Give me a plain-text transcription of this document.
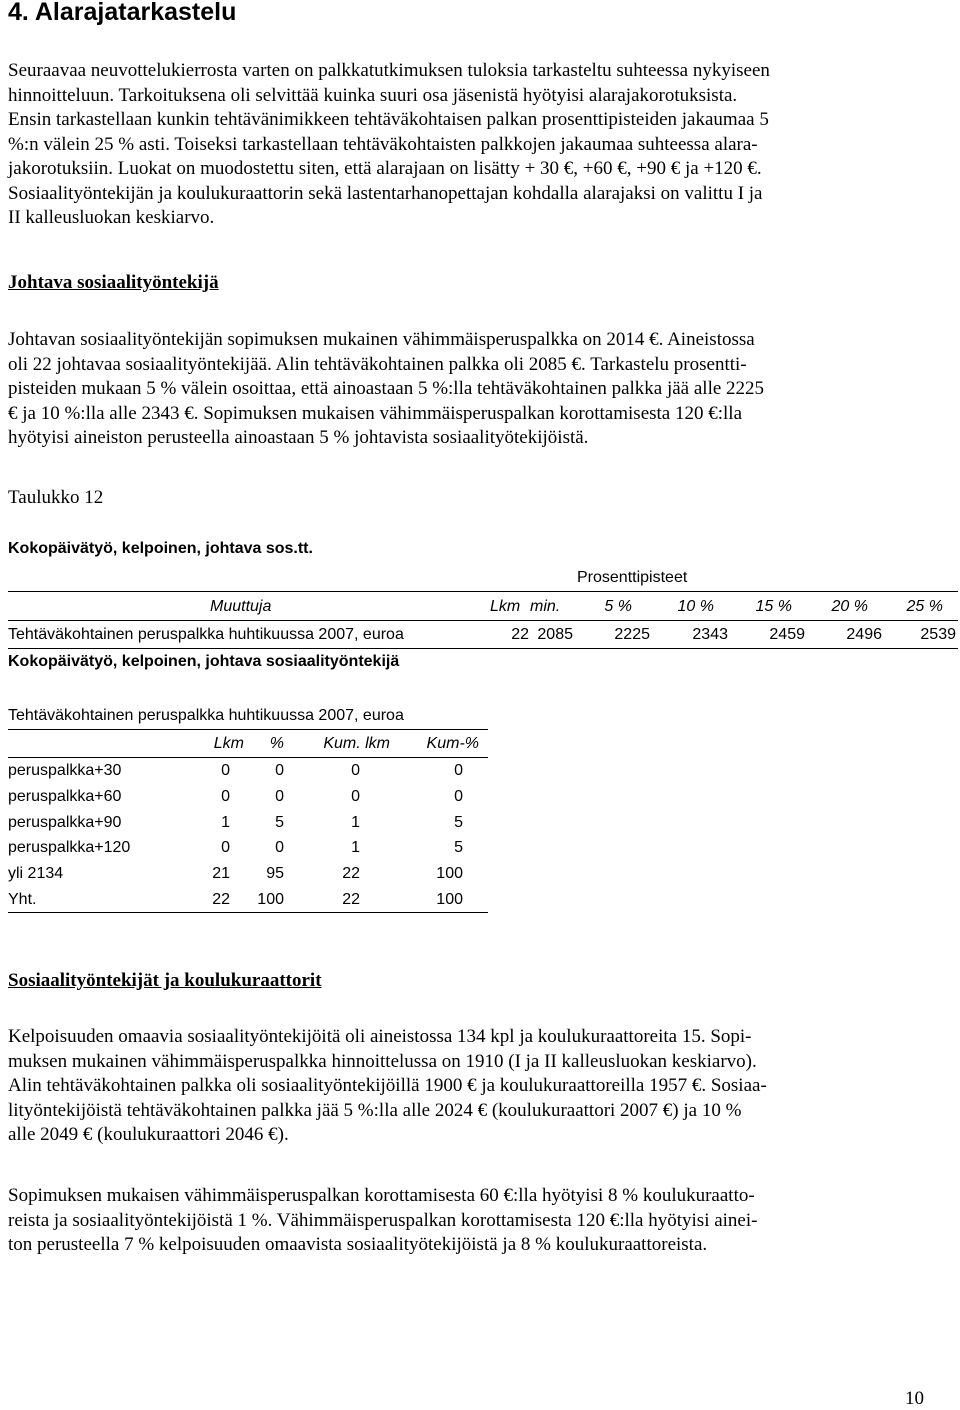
4. Alarajatarkastelu
Seuraavaa neuvottelukierrosta varten on palkkatutkimuksen tuloksia tarkasteltu suhteessa nykyiseen
hinnoitteluun. Tarkoituksena oli selvittää kuinka suuri osa jäsenistä hyötyisi alarajakorotuksista.
Ensin tarkastellaan kunkin tehtävänimikkeen tehtäväkohtaisen palkan prosenttipisteiden jakaumaa 5
%:n välein 25 % asti. Toiseksi tarkastellaan tehtäväkohtaisten palkkojen jakaumaa suhteessa alara-
jakorotuksiin. Luokat on muodostettu siten, että alarajaan on lisätty + 30 €, +60 €, +90 € ja +120 €.
Sosiaalityöntekijän ja koulukuraattorin sekä lastentarhanopettajan kohdalla alarajaksi on valittu I ja
II kalleusluokan keskiarvo.
Johtava sosiaalityöntekijä
Johtavan sosiaalityöntekijän sopimuksen mukainen vähimmäisperuspalkka on 2014 €. Aineistossa
oli 22 johtavaa sosiaalityöntekijää. Alin tehtäväkohtainen palkka oli 2085 €. Tarkastelu prosentti-
pisteiden mukaan 5 % välein osoittaa, että ainoastaan 5 %:lla tehtäväkohtainen palkka jää alle 2225
€ ja 10 %:lla alle 2343 €. Sopimuksen mukaisen vähimmäisperuspalkan korottamisesta 120 €:lla
hyötyisi aineiston perusteella ainoastaan 5 % johtavista sosiaalityötekijöistä.
Taulukko 12
Kokopäivätyö, kelpoinen, johtava sos.tt.
Prosenttipisteet
Muuttuja	Lkm min.	5 %	10 %	15 %	20 %	25 %
Tehtäväkohtainen peruspalkka huhtikuussa 2007, euroa	22 2085	2225	2343	2459	2496	2539
Kokopäivätyö, kelpoinen, johtava sosiaalityöntekijä
Tehtäväkohtainen peruspalkka huhtikuussa 2007, euroa
Lkm	%	Kum. lkm	Kum-%
peruspalkka+30	0	0	0	0
peruspalkka+60	0	0	0	0
peruspalkka+90	1	5	1	5
peruspalkka+120	0	0	1	5
yli 2134	21	95	22	100
Yht.	22	100	22	100
Sosiaalityöntekijät ja koulukuraattorit
Kelpoisuuden omaavia sosiaalityöntekijöitä oli aineistossa 134 kpl ja koulukuraattoreita 15. Sopi-
muksen mukainen vähimmäisperuspalkka hinnoittelussa on 1910 (I ja II kalleusluokan keskiarvo).
Alin tehtäväkohtainen palkka oli sosiaalityöntekijöillä 1900 € ja koulukuraattoreilla 1957 €. Sosiaa-
lityöntekijöistä tehtäväkohtainen palkka jää 5 %:lla alle 2024 € (koulukuraattori 2007 €) ja 10 %
alle 2049 € (koulukuraattori 2046 €).
Sopimuksen mukaisen vähimmäisperuspalkan korottamisesta 60 €:lla hyötyisi 8 % koulukuraatto-
reista ja sosiaalityöntekijöistä 1 %. Vähimmäisperuspalkan korottamisesta 120 €:lla hyötyisi ainei-
ton perusteella 7 % kelpoisuuden omaavista sosiaalityötekijöistä ja 8 % koulukuraattoreista.
10
